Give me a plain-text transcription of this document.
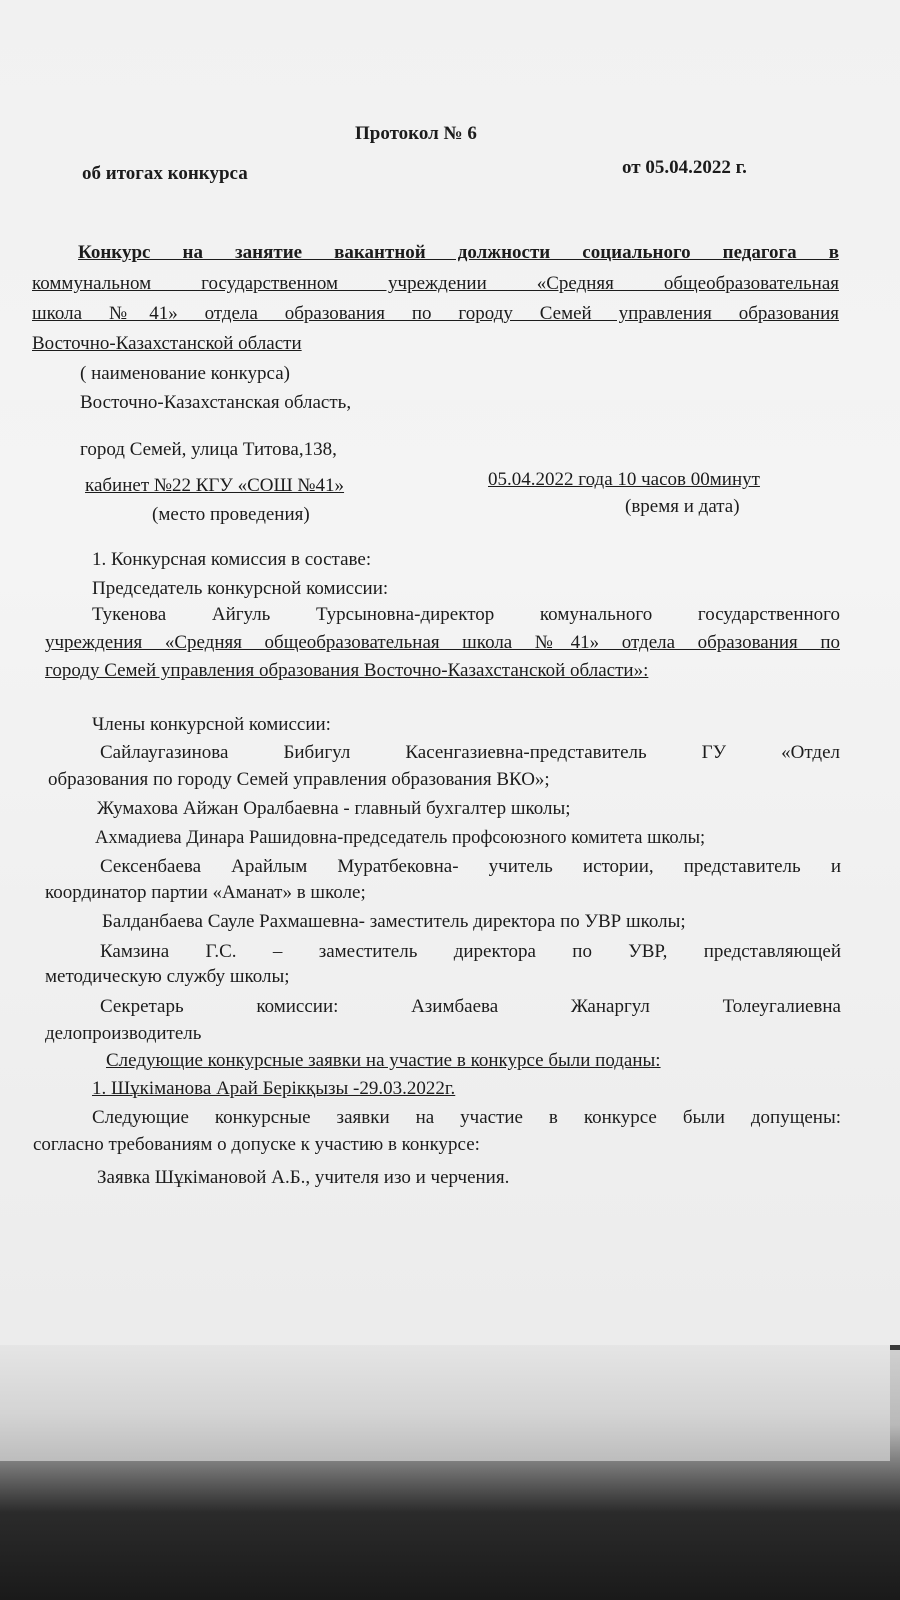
Протокол № 6
об итогах конкурса	от 05.04.2022 г.
Конкурс на занятие вакантной должности социального педагога в
коммунальном государственном учреждении «Средняя общеобразовательная
школа №41» отдела образования по городу Семей управления образования
Восточно-Казахстанской области
( наименование конкурса)
Восточно-Казахстанская область,
город Семей, улица Титова,138,
кабинет №22 КГУ «СОШ №41»
(место проведения)
05.04.2022 года 10 часов 00минут
(время и дата)
1. Конкурсная комиссия в составе:
Председатель конкурсной комиссии:
Тукенова Айгуль Турсыновна-директор комунального государственного
учреждения «Средняя общеобразовательная школа №41» отдела образования по
городу Семей управления образования Восточно-Казахстанской области»:
Члены конкурсной комиссии:
Сайлаугазинова Бибигул Касенгазиевна-представитель ГУ «Отдел
образования по городу Семей управления образования ВКО»;
Жумахова Айжан Оралбаевна - главный бухгалтер школы;
Ахмадиева Динара Рашидовна-председатель профсоюзного комитета школы;
Сексенбаева Арайлым Муратбековна- учитель истории, представитель и
координатор партии «Аманат» в школе;
Балданбаева Сауле Рахмашевна- заместитель директора по УВР школы;
Камзина Г.С. – заместитель директора по УВР, представляющей
методическую службу школы;
Секретарь комиссии: Азимбаева Жанаргул Толеугалиевна
делопроизводитель
Следующие конкурсные заявки на участие в конкурсе были поданы:
1. Шұкіманова Арай Берікқызы -29.03.2022г.
Следующие конкурсные заявки на участие в конкурсе были допущены:
согласно требованиям о допуске к участию в конкурсе:
Заявка Шұкімановой А.Б., учителя изо и черчения.
